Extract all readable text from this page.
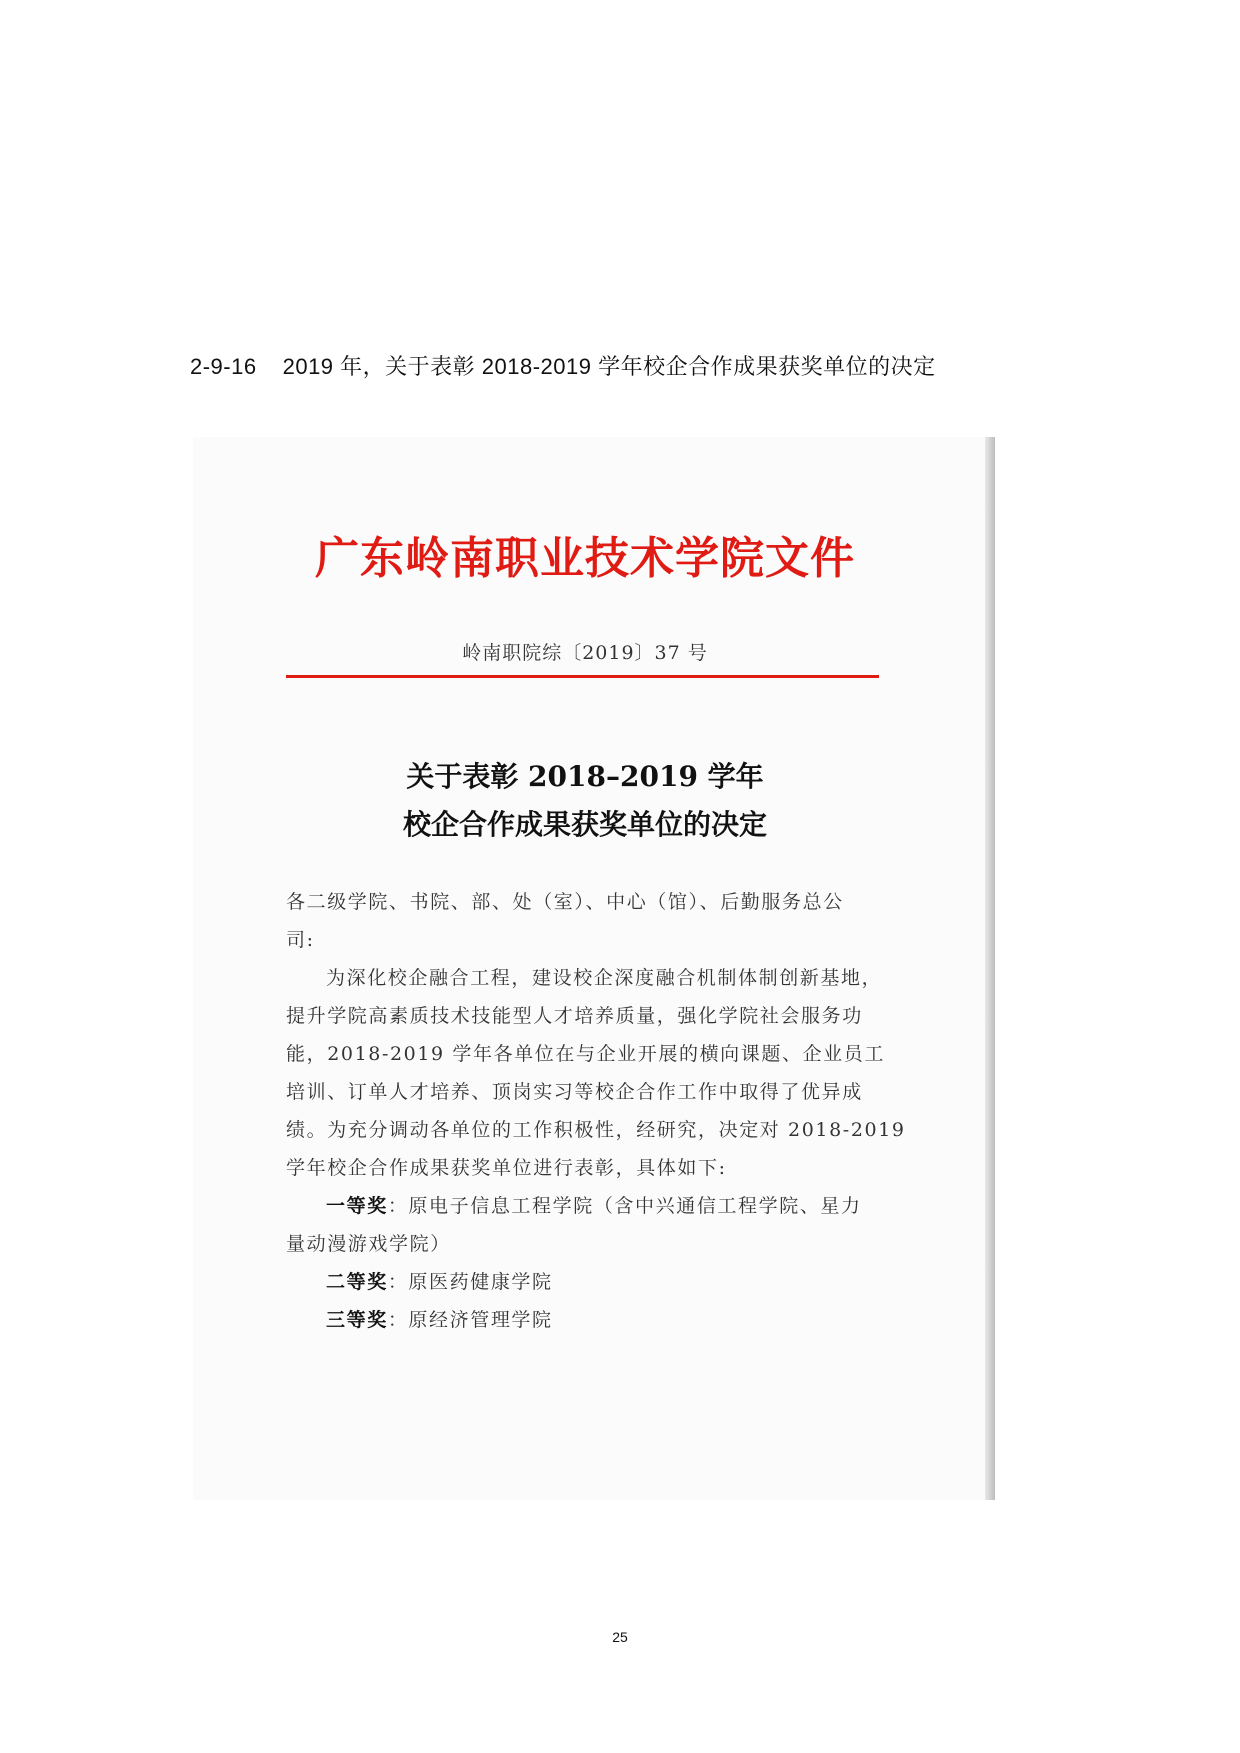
2-9-16 2019 年，关于表彰 2018-2019 学年校企合作成果获奖单位的决定
广东岭南职业技术学院文件
岭南职院综〔2019〕37 号
关于表彰 2018–2019 学年
校企合作成果获奖单位的决定
各二级学院、书院、部、处（室）、中心（馆）、后勤服务总公
司:
为深化校企融合工程，建设校企深度融合机制体制创新基地，
提升学院高素质技术技能型人才培养质量，强化学院社会服务功
能，2018-2019 学年各单位在与企业开展的横向课题、企业员工
培训、订单人才培养、顶岗实习等校企合作工作中取得了优异成
绩。为充分调动各单位的工作积极性，经研究，决定对 2018-2019
学年校企合作成果获奖单位进行表彰，具体如下:
一等奖：原电子信息工程学院（含中兴通信工程学院、星力
量动漫游戏学院）
二等奖：原医药健康学院
三等奖：原经济管理学院
25
